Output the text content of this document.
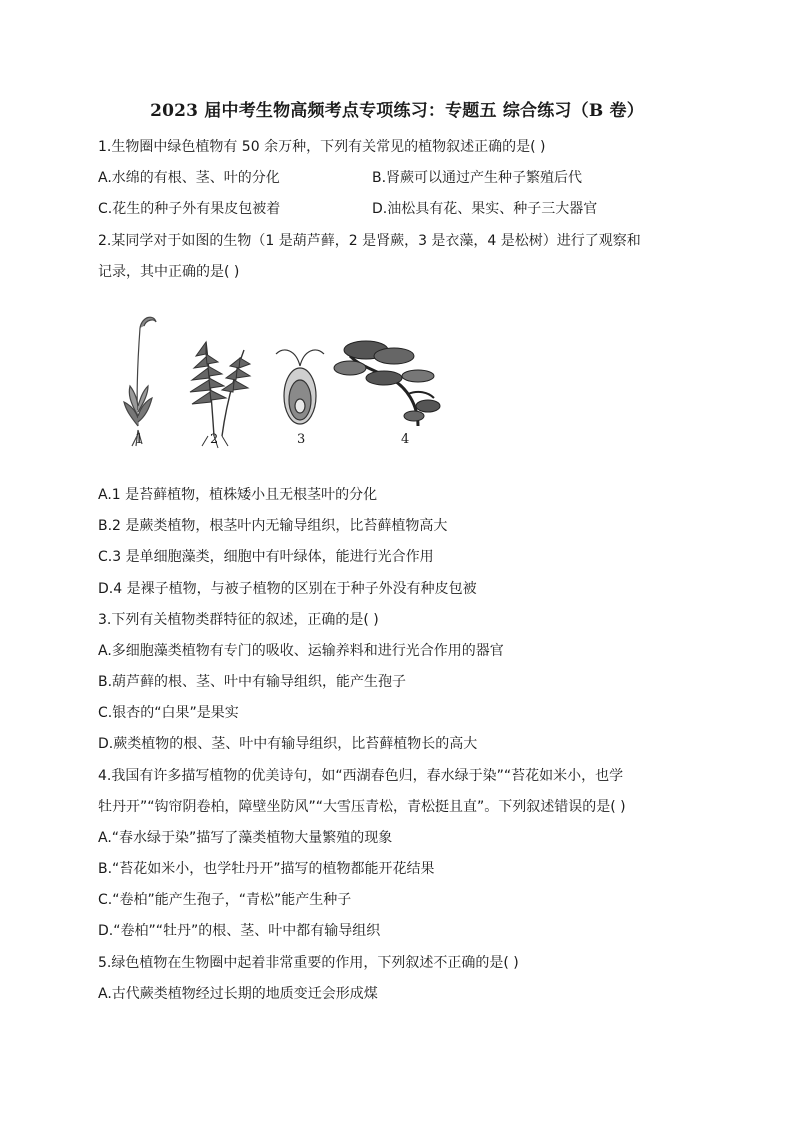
2023 届中考生物高频考点专项练习：专题五 综合练习（B 卷）
1.生物圈中绿色植物有 50 余万种，下列有关常见的植物叙述正确的是( )
A.水绵的有根、茎、叶的分化	B.肾蕨可以通过产生种子繁殖后代
C.花生的种子外有果皮包被着	D.油松具有花、果实、种子三大器官
2.某同学对于如图的生物（1 是葫芦藓，2 是肾蕨，3 是衣藻，4 是松树）进行了观察和
记录，其中正确的是( )
1	2	3	4
A.1 是苔藓植物，植株矮小且无根茎叶的分化
B.2 是蕨类植物，根茎叶内无输导组织，比苔藓植物高大
C.3 是单细胞藻类，细胞中有叶绿体，能进行光合作用
D.4 是裸子植物，与被子植物的区别在于种子外没有种皮包被
3.下列有关植物类群特征的叙述，正确的是( )
A.多细胞藻类植物有专门的吸收、运输养料和进行光合作用的器官
B.葫芦藓的根、茎、叶中有输导组织，能产生孢子
C.银杏的“白果”是果实
D.蕨类植物的根、茎、叶中有输导组织，比苔藓植物长的高大
4.我国有许多描写植物的优美诗句，如“西湖春色归，春水绿于染”“苔花如米小，也学
牡丹开”“钩帘阴卷柏，障壁坐防风”“大雪压青松，青松挺且直”。下列叙述错误的是( )
A.“春水绿于染”描写了藻类植物大量繁殖的现象
B.“苔花如米小，也学牡丹开”描写的植物都能开花结果
C.“卷柏”能产生孢子，“青松”能产生种子
D.“卷柏”“牡丹”的根、茎、叶中都有输导组织
5.绿色植物在生物圈中起着非常重要的作用，下列叙述不正确的是( )
A.古代蕨类植物经过长期的地质变迁会形成煤
